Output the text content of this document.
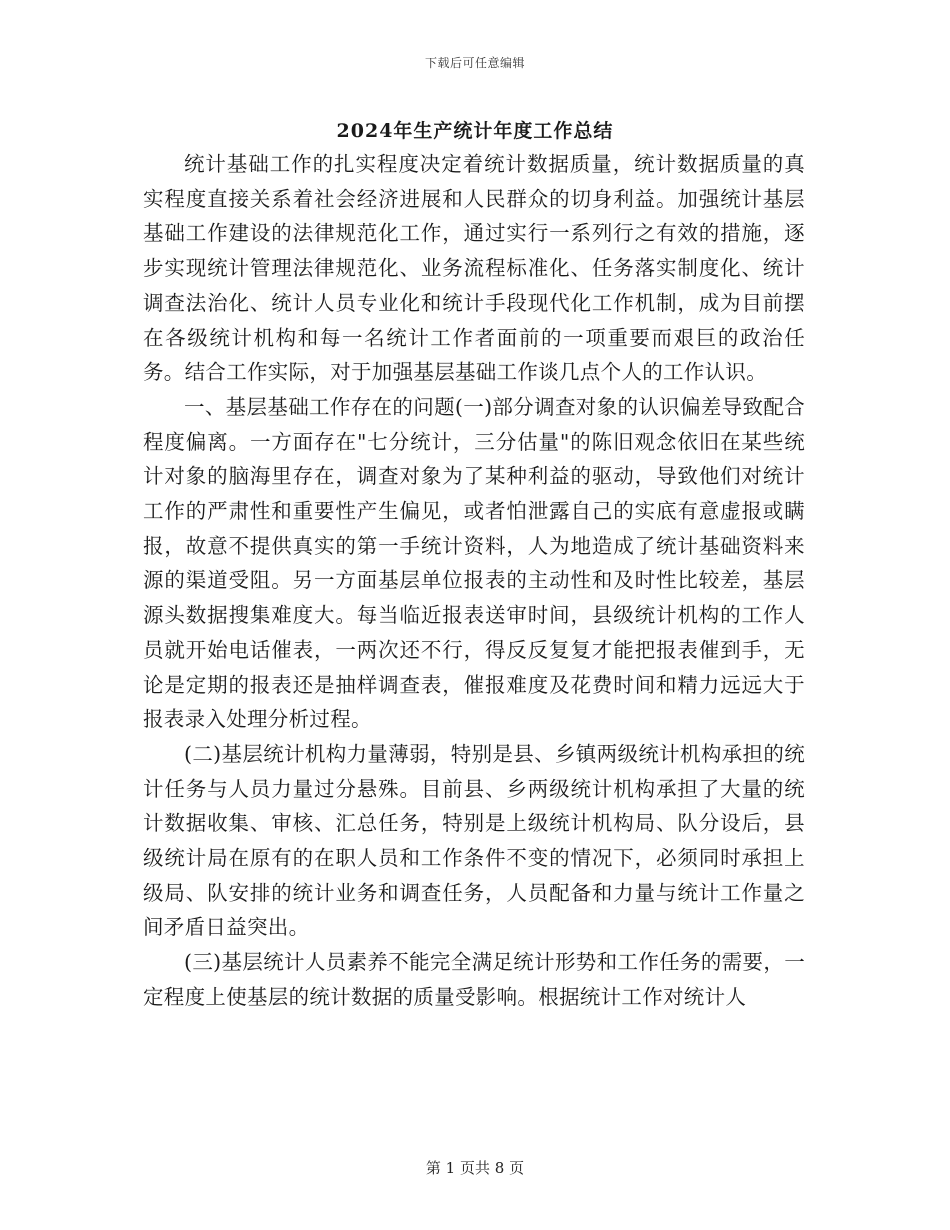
下载后可任意编辑
2024年生产统计年度工作总结

统计基础工作的扎实程度决定着统计数据质量，统计数据质量的真实程度直接关系着社会经济进展和人民群众的切身利益。加强统计基层基础工作建设的法律规范化工作，通过实行一系列行之有效的措施，逐步实现统计管理法律规范化、业务流程标准化、任务落实制度化、统计调查法治化、统计人员专业化和统计手段现代化工作机制，成为目前摆在各级统计机构和每一名统计工作者面前的一项重要而艰巨的政治任务。结合工作实际，对于加强基层基础工作谈几点个人的工作认识。

一、基层基础工作存在的问题(一)部分调查对象的认识偏差导致配合程度偏离。一方面存在"七分统计，三分估量"的陈旧观念依旧在某些统计对象的脑海里存在，调查对象为了某种利益的驱动，导致他们对统计工作的严肃性和重要性产生偏见，或者怕泄露自己的实底有意虚报或瞒报，故意不提供真实的第一手统计资料，人为地造成了统计基础资料来源的渠道受阻。另一方面基层单位报表的主动性和及时性比较差，基层源头数据搜集难度大。每当临近报表送审时间，县级统计机构的工作人员就开始电话催表，一两次还不行，得反反复复才能把报表催到手，无论是定期的报表还是抽样调查表，催报难度及花费时间和精力远远大于报表录入处理分析过程。

(二)基层统计机构力量薄弱，特别是县、乡镇两级统计机构承担的统计任务与人员力量过分悬殊。目前县、乡两级统计机构承担了大量的统计数据收集、审核、汇总任务，特别是上级统计机构局、队分设后，县级统计局在原有的在职人员和工作条件不变的情况下，必须同时承担上级局、队安排的统计业务和调查任务，人员配备和力量与统计工作量之间矛盾日益突出。

(三)基层统计人员素养不能完全满足统计形势和工作任务的需要，一定程度上使基层的统计数据的质量受影响。根据统计工作对统计人

第 1 页共 8 页
